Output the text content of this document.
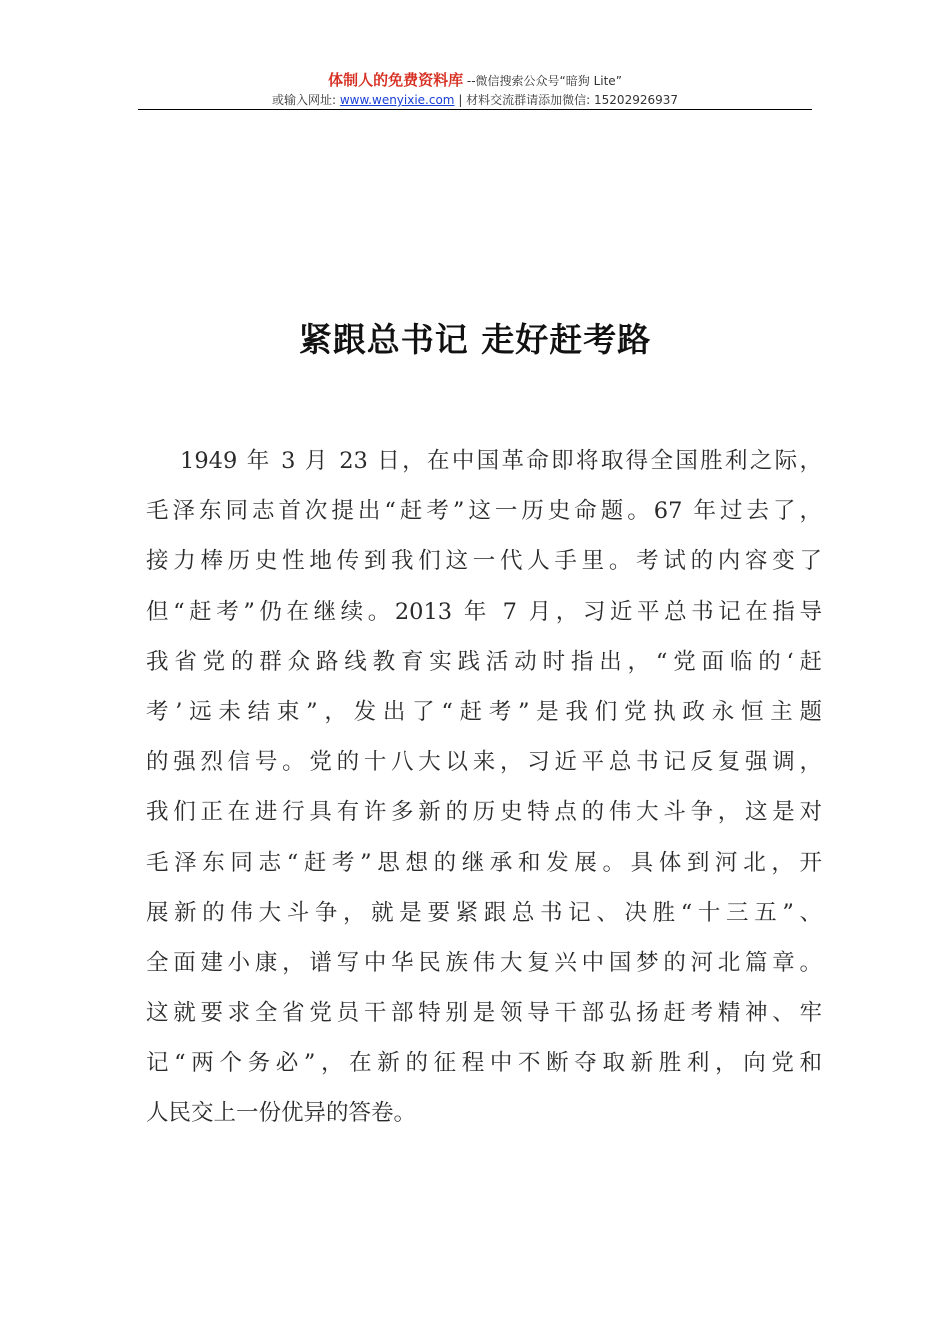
体制人的免费资料库 --微信搜索公众号“暗狗 Lite”
或输入网址: www.wenyixie.com | 材料交流群请添加微信: 15202926937
紧跟总书记 走好赶考路
1949 年 3 月 23 日，在中国革命即将取得全国胜利之际，
毛泽东同志首次提出“赶考”这一历史命题。67 年过去了，
接力棒历史性地传到我们这一代人手里。考试的内容变了
但“赶考”仍在继续。2013 年 7 月，习近平总书记在指导
我省党的群众路线教育实践活动时指出，“党面临的‘赶
考’远未结束”，发出了“赶考”是我们党执政永恒主题
的强烈信号。党的十八大以来，习近平总书记反复强调，
我们正在进行具有许多新的历史特点的伟大斗争，这是对
毛泽东同志“赶考”思想的继承和发展。具体到河北，开
展新的伟大斗争，就是要紧跟总书记、决胜“十三五”、
全面建小康，谱写中华民族伟大复兴中国梦的河北篇章。
这就要求全省党员干部特别是领导干部弘扬赶考精神、牢
记“两个务必”，在新的征程中不断夺取新胜利，向党和
人民交上一份优异的答卷。
